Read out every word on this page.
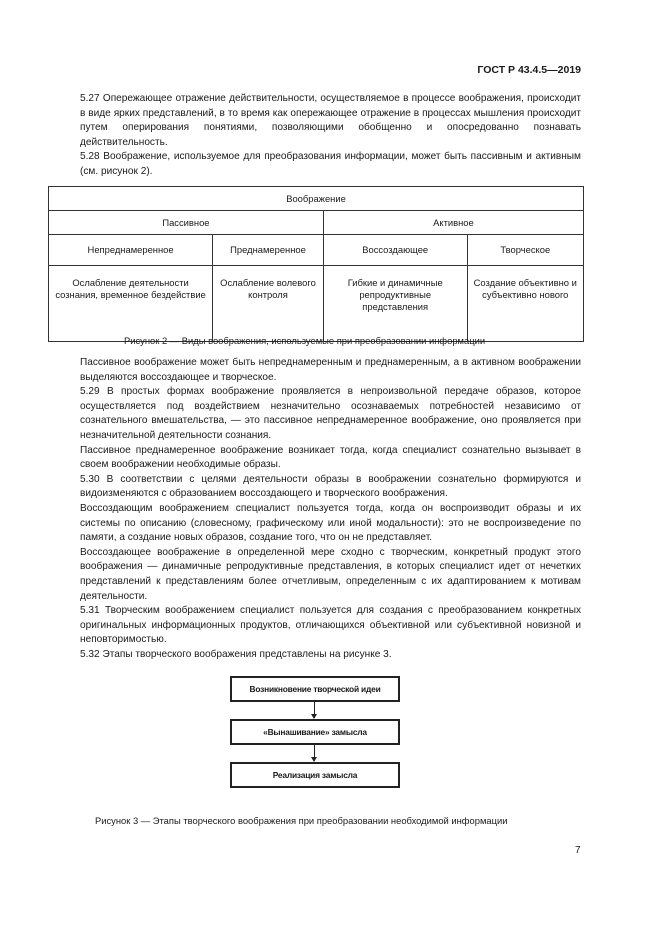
ГОСТ Р 43.4.5—2019

5.27 Опережающее отражение действительности, осуществляемое в процессе воображения, происходит в виде ярких представлений, в то время как опережающее отражение в процессах мышления происходит путем оперирования понятиями, позволяющими обобщенно и опосредованно познавать действительность.

5.28 Воображение, используемое для преобразования информации, может быть пассивным и активным (см. рисунок 2).

Воображение			
Пассивное		Активное	
Непреднамеренное	Преднамеренное	Воссоздающее	Творческое
Ослабление деятельности сознания, временное бездействие	Ослабление волевого контроля	Гибкие и динамичные репродуктивные представления	Создание объективно и субъективно нового
Рисунок 2 — Виды воображения, используемые при преобразовании информации

Пассивное воображение может быть непреднамеренным и преднамеренным, а в активном воображении выделяются воссоздающее и творческое.

5.29 В простых формах воображение проявляется в непроизвольной передаче образов, которое осуществляется под воздействием незначительно осознаваемых потребностей независимо от сознательного вмешательства, — это пассивное непреднамеренное воображение, оно проявляется при незначительной деятельности сознания.

Пассивное преднамеренное воображение возникает тогда, когда специалист сознательно вызывает в своем воображении необходимые образы.

5.30 В соответствии с целями деятельности образы в воображении сознательно формируются и видоизменяются с образованием воссоздающего и творческого воображения.

Воссоздающим воображением специалист пользуется тогда, когда он воспроизводит образы и их системы по описанию (словесному, графическому или иной модальности): это не воспроизведение по памяти, а создание новых образов, создание того, что он не представляет.

Воссоздающее воображение в определенной мере сходно с творческим, конкретный продукт этого воображения — динамичные репродуктивные представления, в которых специалист идет от нечетких представлений к представлениям более отчетливым, определенным с их адаптированием к мотивам деятельности.

5.31 Творческим воображением специалист пользуется для создания с преобразованием конкретных оригинальных информационных продуктов, отличающихся объективной или субъективной новизной и неповторимостью.

5.32 Этапы творческого воображения представлены на рисунке 3.

Возникновение творческой идеи
«Вынашивание» замысла
Реализация замысла
Рисунок 3 — Этапы творческого воображения при преобразовании необходимой информации
7
